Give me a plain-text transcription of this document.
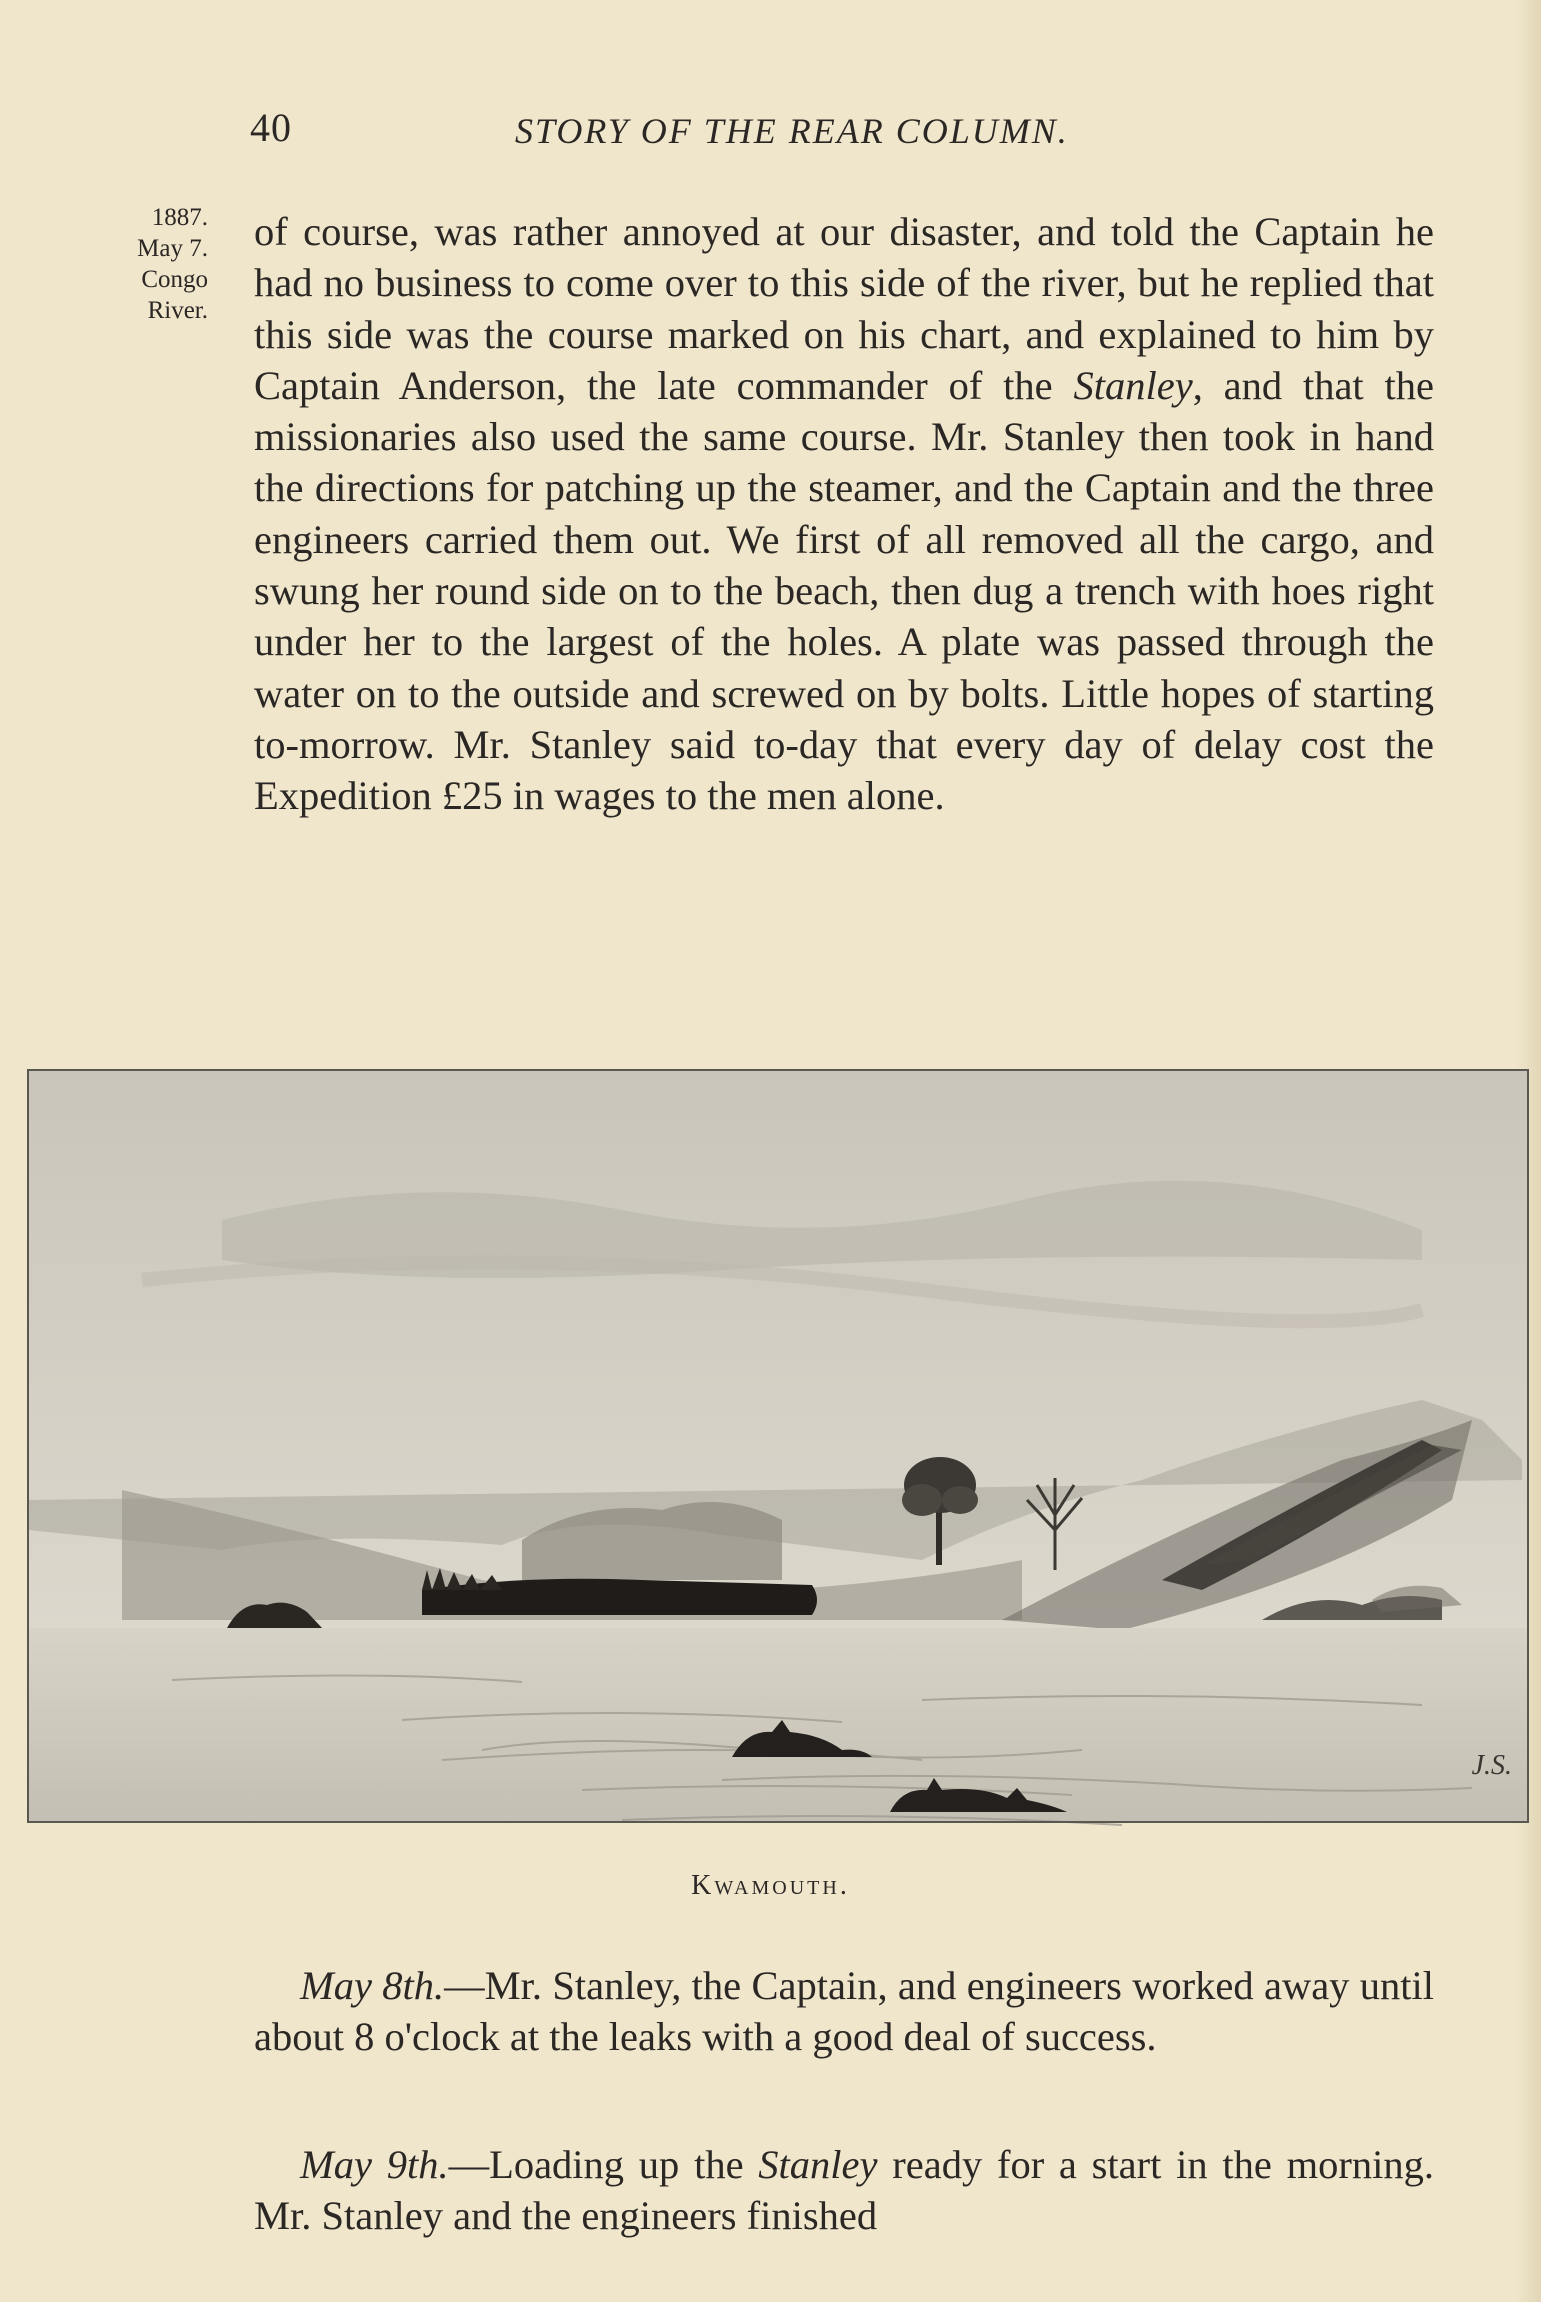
40	STORY OF THE REAR COLUMN.
1887.
May 7.
Congo
River.

of course, was rather annoyed at our disaster, and told the Captain he had no business to come over to this side of the river, but he replied that this side was the course marked on his chart, and explained to him by Captain Anderson, the late commander of the Stanley, and that the missionaries also used the same course. Mr. Stanley then took in hand the directions for patching up the steamer, and the Captain and the three engineers carried them out. We first of all removed all the cargo, and swung her round side on to the beach, then dug a trench with hoes right under her to the largest of the holes. A plate was passed through the water on to the outside and screwed on by bolts. Little hopes of starting to-morrow. Mr. Stanley said to-day that every day of delay cost the Expedition £25 in wages to the men alone.

J.S.
Kwamouth.

May 8th.—Mr. Stanley, the Captain, and engineers worked away until about 8 o'clock at the leaks with a good deal of success.

May 9th.—Loading up the Stanley ready for a start in the morning. Mr. Stanley and the engineers finished
